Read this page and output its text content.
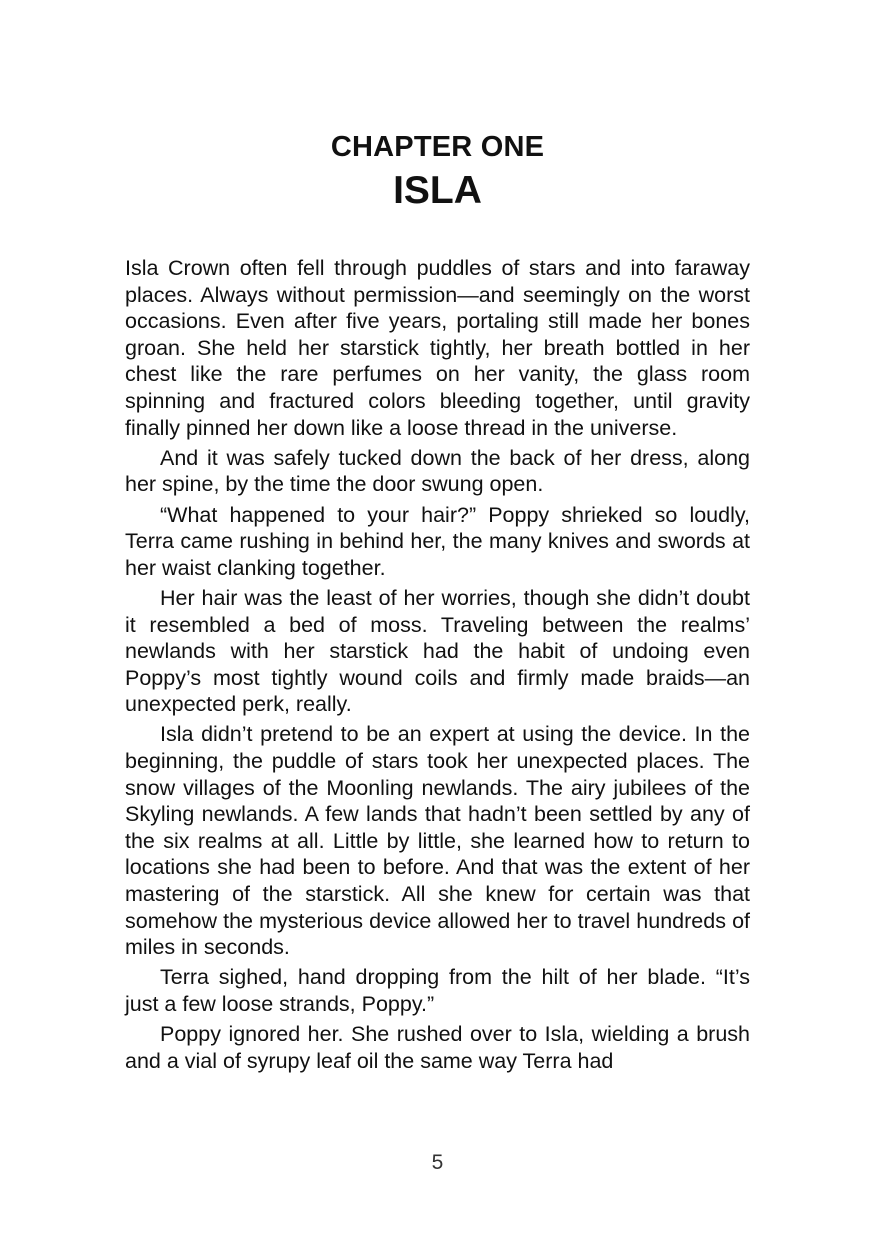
CHAPTER ONE
ISLA

Isla Crown often fell through puddles of stars and into faraway places. Always without permission—and seemingly on the worst occasions. Even after five years, portaling still made her bones groan. She held her starstick tightly, her breath bottled in her chest like the rare perfumes on her vanity, the glass room spinning and fractured colors bleeding together, until gravity finally pinned her down like a loose thread in the universe.

And it was safely tucked down the back of her dress, along her spine, by the time the door swung open.

“What happened to your hair?” Poppy shrieked so loudly, Terra came rushing in behind her, the many knives and swords at her waist clanking together.

Her hair was the least of her worries, though she didn’t doubt it resembled a bed of moss. Traveling between the realms’ newlands with her starstick had the habit of undoing even Poppy’s most tightly wound coils and firmly made braids—an unexpected perk, really.

Isla didn’t pretend to be an expert at using the device. In the beginning, the puddle of stars took her unexpected places. The snow villages of the Moonling newlands. The airy jubilees of the Skyling newlands. A few lands that hadn’t been settled by any of the six realms at all. Little by little, she learned how to return to locations she had been to before. And that was the extent of her mastering of the starstick. All she knew for certain was that somehow the mysterious device allowed her to travel hundreds of miles in seconds.

Terra sighed, hand dropping from the hilt of her blade. “It’s just a few loose strands, Poppy.”

Poppy ignored her. She rushed over to Isla, wielding a brush and a vial of syrupy leaf oil the same way Terra had

5
